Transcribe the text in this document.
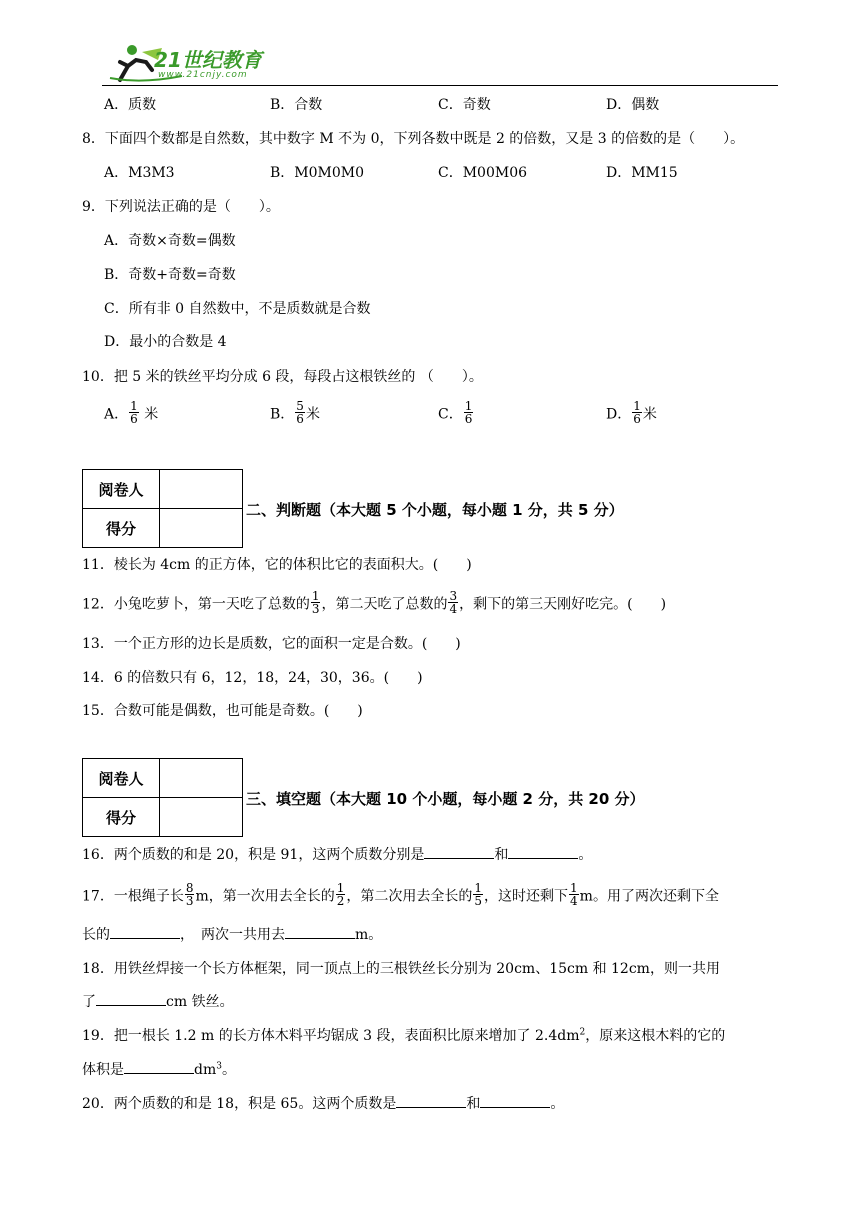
21世纪教育
www.21cnjy.com
A．质数	B．合数	C．奇数	D．偶数
8．下面四个数都是自然数，其中数字 M 不为 0，下列各数中既是 2 的倍数，又是 3 的倍数的是（　　）。
A．M3M3	B．M0M0M0	C．M00M06	D．MM15
9．下列说法正确的是（　　）。
A．奇数×奇数=偶数
B．奇数+奇数=奇数
C．所有非 0 自然数中，不是质数就是合数
D．最小的合数是 4
10．把 5 米的铁丝平均分成 6 段，每段占这根铁丝的 （　　）。
A． $\frac{1}{6}$ 米	B． $\frac{5}{6}$ 米	C． $\frac{1}{6}$	D． $\frac{1}{6}$ 米
阅卷人	
得分	
二、判断题（本大题 5 个小题，每小题 1 分，共 5 分）
11．棱长为 4cm 的正方体，它的体积比它的表面积大。(　　)
12．小兔吃萝卜，第一天吃了总数的 $\frac{1}{3}$ ，第二天吃了总数的 $\frac{3}{4}$ ，剩下的第三天刚好吃完。(　　)
13．一个正方形的边长是质数，它的面积一定是合数。(　　)
14．6 的倍数只有 6，12，18，24，30，36。(　　)
15．合数可能是偶数，也可能是奇数。(　　)
阅卷人	
得分	
三、填空题（本大题 10 个小题，每小题 2 分，共 20 分）
16．两个质数的和是 20，积是 91，这两个质数分别是	和	。
17．一根绳子长 $\frac{8}{3}$ m，第一次用去全长的 $\frac{1}{2}$ ，第二次用去全长的 $\frac{1}{5}$ ，这时还剩下 $\frac{1}{4}$ m。用了两次还剩下全
长的	，　两次一共用去	m。
18．用铁丝焊接一个长方体框架，同一顶点上的三根铁丝长分别为 20cm、15cm 和 12cm，则一共用
了	cm 铁丝。
19．把一根长 1.2 m 的长方体木料平均锯成 3 段，表面积比原来增加了 $2.4dm^2$，原来这根木料的它的
体积是	$dm^3$。
20．两个质数的和是 18，积是 65。这两个质数是	和	。
